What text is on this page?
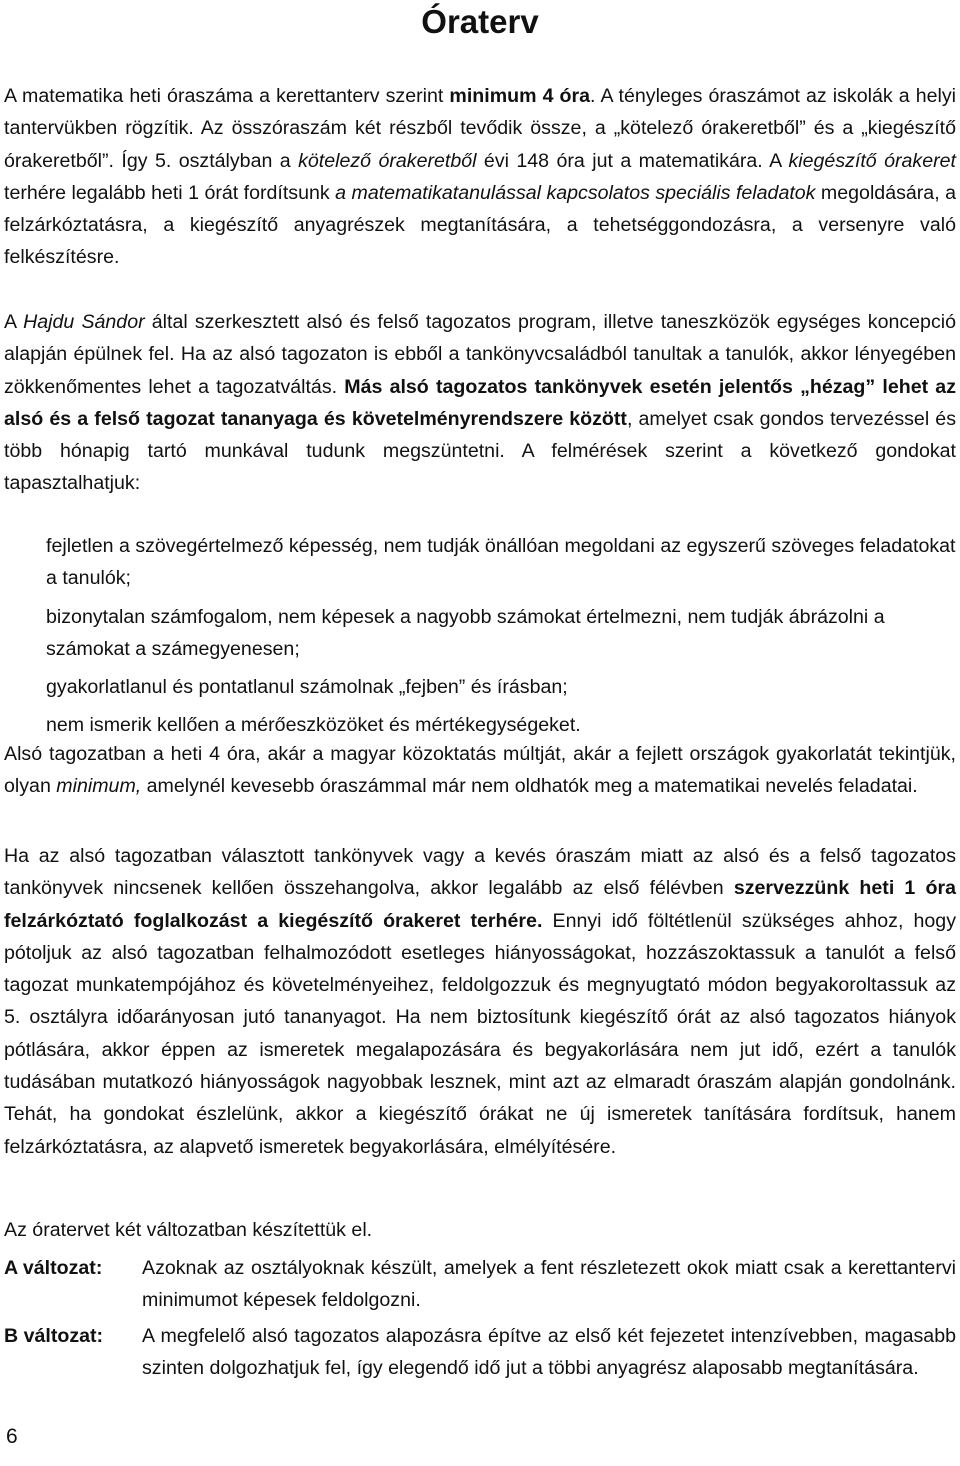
Óraterv

A matematika heti óraszáma a kerettanterv szerint minimum 4 óra. A tényleges óraszámot az iskolák a helyi tantervükben rögzítik. Az összóraszám két részből tevődik össze, a „kötelező órakeretből” és a „kiegészítő órakeretből”. Így 5. osztályban a kötelező órakeretből évi 148 óra jut a matematikára. A kiegészítő órakeret terhére legalább heti 1 órát fordítsunk a matematikatanulással kapcsolatos speciális feladatok megoldására, a felzárkóztatásra, a kiegészítő anyagrészek megtanítására, a tehetséggondozásra, a versenyre való felkészítésre.

A Hajdu Sándor által szerkesztett alsó és felső tagozatos program, illetve taneszközök egységes koncepció alapján épülnek fel. Ha az alsó tagozaton is ebből a tankönyvcsaládból tanultak a tanulók, akkor lényegében zökkenőmentes lehet a tagozatváltás. Más alsó tagozatos tankönyvek esetén jelentős „hézag” lehet az alsó és a felső tagozat tananyaga és követelményrendszere között, amelyet csak gondos tervezéssel és több hónapig tartó munkával tudunk megszüntetni. A felmérések szerint a következő gondokat tapasztalhatjuk:

fejletlen a szövegértelmező képesség, nem tudják önállóan megoldani az egyszerű szöveges feladatokat a tanulók;
bizonytalan számfogalom, nem képesek a nagyobb számokat értelmezni, nem tudják ábrázolni a számokat a számegyenesen;
gyakorlatlanul és pontatlanul számolnak „fejben” és írásban;
nem ismerik kellően a mérőeszközöket és mértékegységeket.

Alsó tagozatban a heti 4 óra, akár a magyar közoktatás múltját, akár a fejlett országok gyakorlatát tekintjük, olyan minimum, amelynél kevesebb óraszámmal már nem oldhatók meg a matematikai nevelés feladatai.

Ha az alsó tagozatban választott tankönyvek vagy a kevés óraszám miatt az alsó és a felső tagozatos tankönyvek nincsenek kellően összehangolva, akkor legalább az első félévben szervezzünk heti 1 óra felzárkóztató foglalkozást a kiegészítő órakeret terhére. Ennyi idő föltétlenül szükséges ahhoz, hogy pótoljuk az alsó tagozatban felhalmozódott esetleges hiányosságokat, hozzászoktassuk a tanulót a felső tagozat munkatempójához és követelményeihez, feldolgozzuk és megnyugtató módon begyakoroltassuk az 5. osztályra időarányosan jutó tananyagot. Ha nem biztosítunk kiegészítő órát az alsó tagozatos hiányok pótlására, akkor éppen az ismeretek megalapozására és begyakorlására nem jut idő, ezért a tanulók tudásában mutatkozó hiányosságok nagyobbak lesznek, mint azt az elmaradt óraszám alapján gondolnánk. Tehát, ha gondokat észlelünk, akkor a kiegészítő órákat ne új ismeretek tanítására fordítsuk, hanem felzárkóztatásra, az alapvető ismeretek begyakorlására, elmélyítésére.

Az óratervet két változatban készítettük el.

A változat:	Azoknak az osztályoknak készült, amelyek a fent részletezett okok miatt csak a kerettantervi minimumot képesek feldolgozni.
B változat:	A megfelelő alsó tagozatos alapozásra építve az első két fejezetet intenzívebben, magasabb szinten dolgozhatjuk fel, így elegendő idő jut a többi anyagrész alaposabb megtanítására.
6
